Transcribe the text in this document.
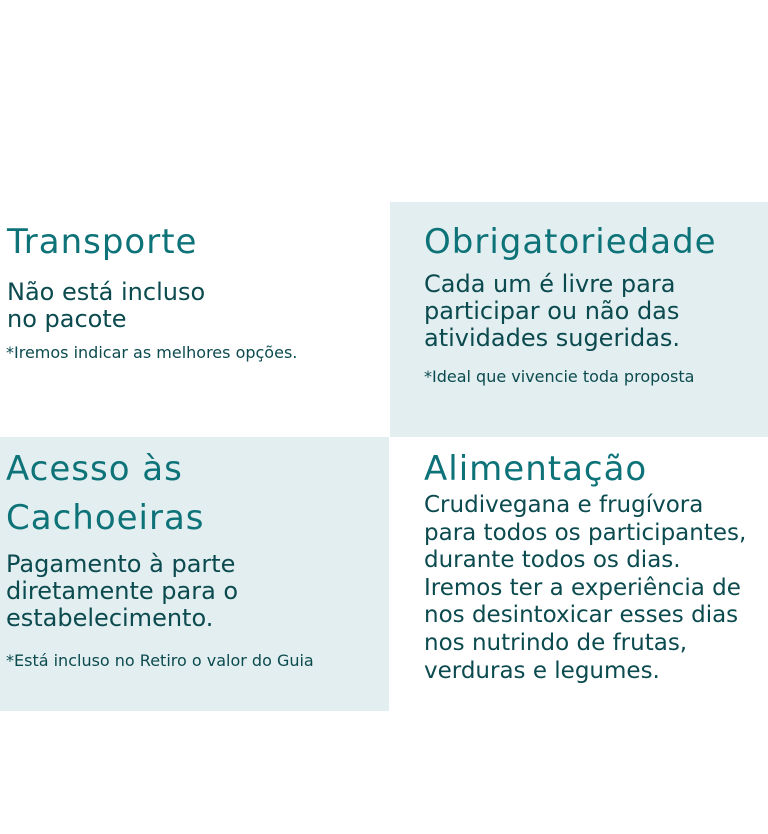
Transporte

Não está incluso
no pacote

*Iremos indicar as melhores opções.

Obrigatoriedade

Cada um é livre para
participar ou não das
atividades sugeridas.

*Ideal que vivencie toda proposta

Acesso às
Cachoeiras

Pagamento à parte
diretamente para o
estabelecimento.

*Está incluso no Retiro o valor do Guia

Alimentação

Crudivegana e frugívora
para todos os participantes,
durante todos os dias.
Iremos ter a experiência de
nos desintoxicar esses dias
nos nutrindo de frutas,
verduras e legumes.
